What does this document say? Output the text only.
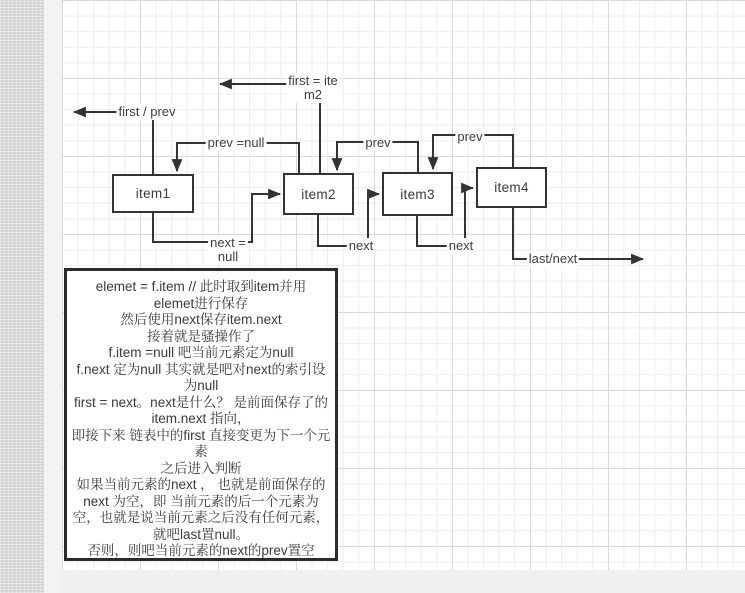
item1	item2	item3	item4
first / prev
first = ite
m2
prev =null	prev	prev
next =
null
next	next
last/next
elemet = f.item // 此时取到item并用
elemet进行保存
然后使用next保存item.next
接着就是骚操作了
f.item =null 吧当前元素定为null
f.next 定为null 其实就是吧对next的索引设
为null
first = next。next是什么？ 是前面保存了的
item.next 指向，
即接下来 链表中的first 直接变更为下一个元
素
之后进入判断
如果当前元素的next ， 也就是前面保存的
next 为空，即 当前元素的后一个元素为
空，也就是说当前元素之后没有任何元素，
就吧last置null。
否则，则吧当前元素的next的prev置空
